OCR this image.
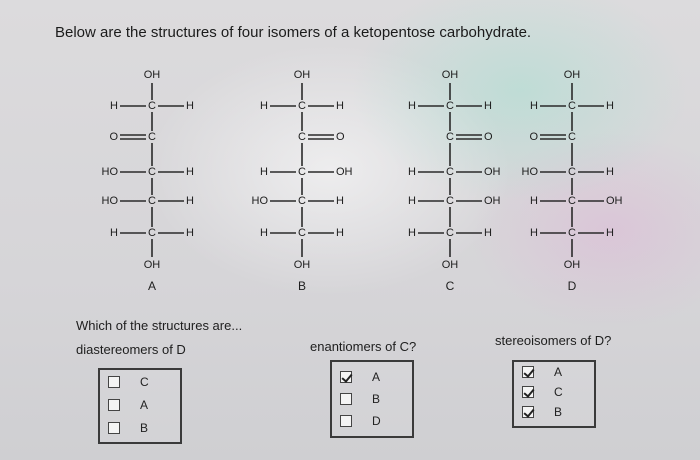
Below are the structures of four isomers of a ketopentose carbohydrate.
OH
C
H	H
C
O
C
HO	H
C
HO	H
C
H	H
OH
A
OH
C
H	H
C	O
C
H	OH
C
HO	H
C
H	H
OH
B
OH
C
H	H
C	O
C
H	OH
C
H	OH
C
H	H
OH
C
OH
C
H	H
C
O
C
HO	H
C
H	OH
C
H	H
OH
D
Which of the structures are...
diastereomers of D	enantiomers of C?	stereoisomers of D?
C
A
B
A
B
D
A
C
B
